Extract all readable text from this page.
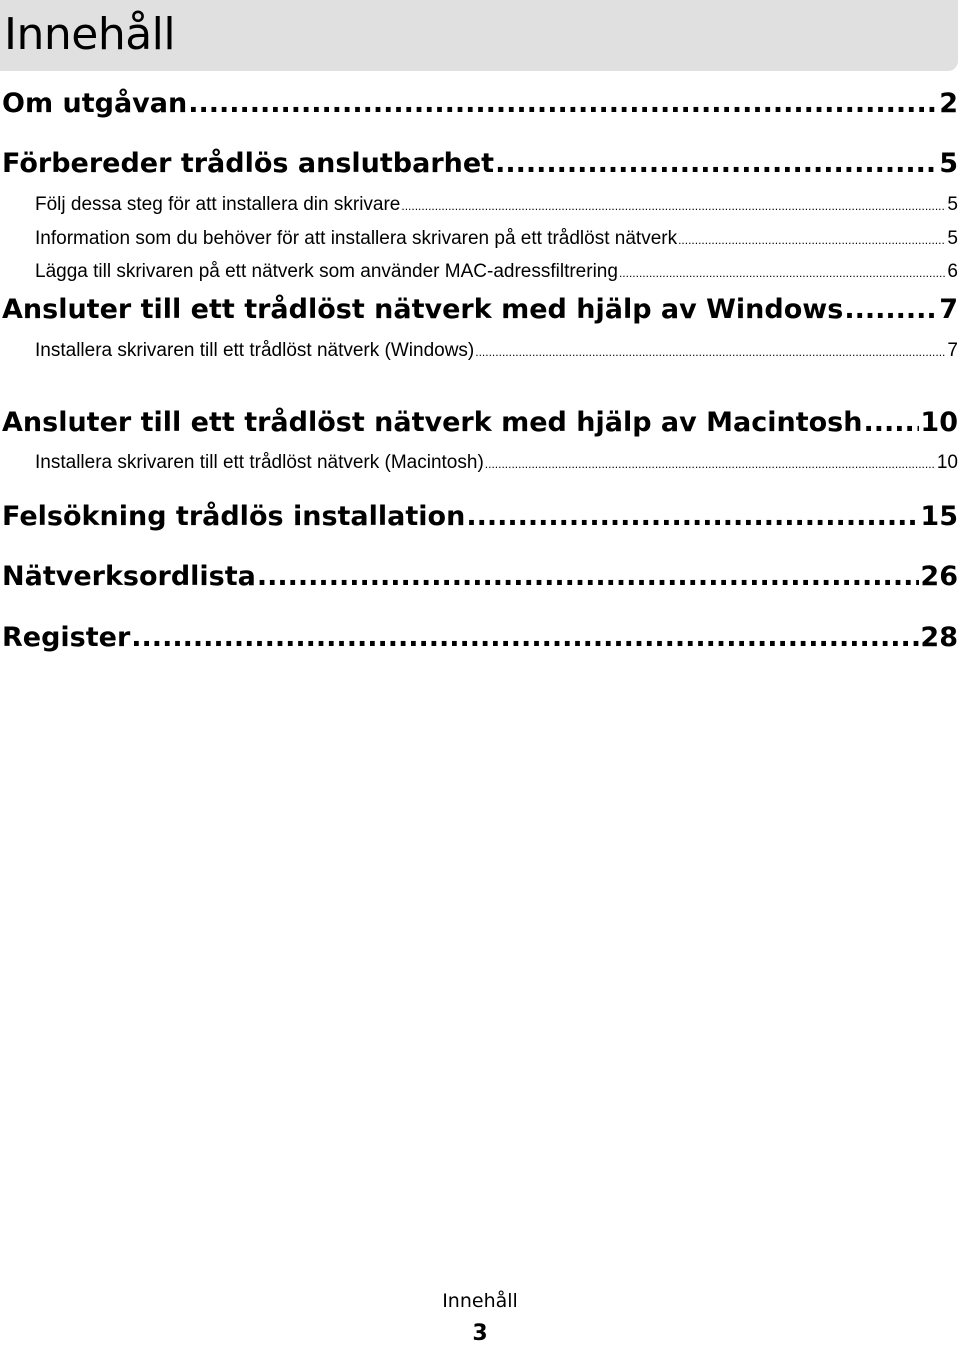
Innehåll
Om utgåvan .....	2
Förbereder trådlös anslutbarhet .....	5
Följ dessa steg för att installera din skrivare .....	5
Information som du behöver för att installera skrivaren på ett trådlöst nätverk .....	5
Lägga till skrivaren på ett nätverk som använder MAC-adressfiltrering .....	6
Ansluter till ett trådlöst nätverk med hjälp av Windows .....	7
Installera skrivaren till ett trådlöst nätverk (Windows) .....	7
Ansluter till ett trådlöst nätverk med hjälp av Macintosh ..... 10
Installera skrivaren till ett trådlöst nätverk (Macintosh) .....	10
Felsökning trådlös installation .....	15
Nätverksordlista .....	26
Register .....	28
Innehåll
3
